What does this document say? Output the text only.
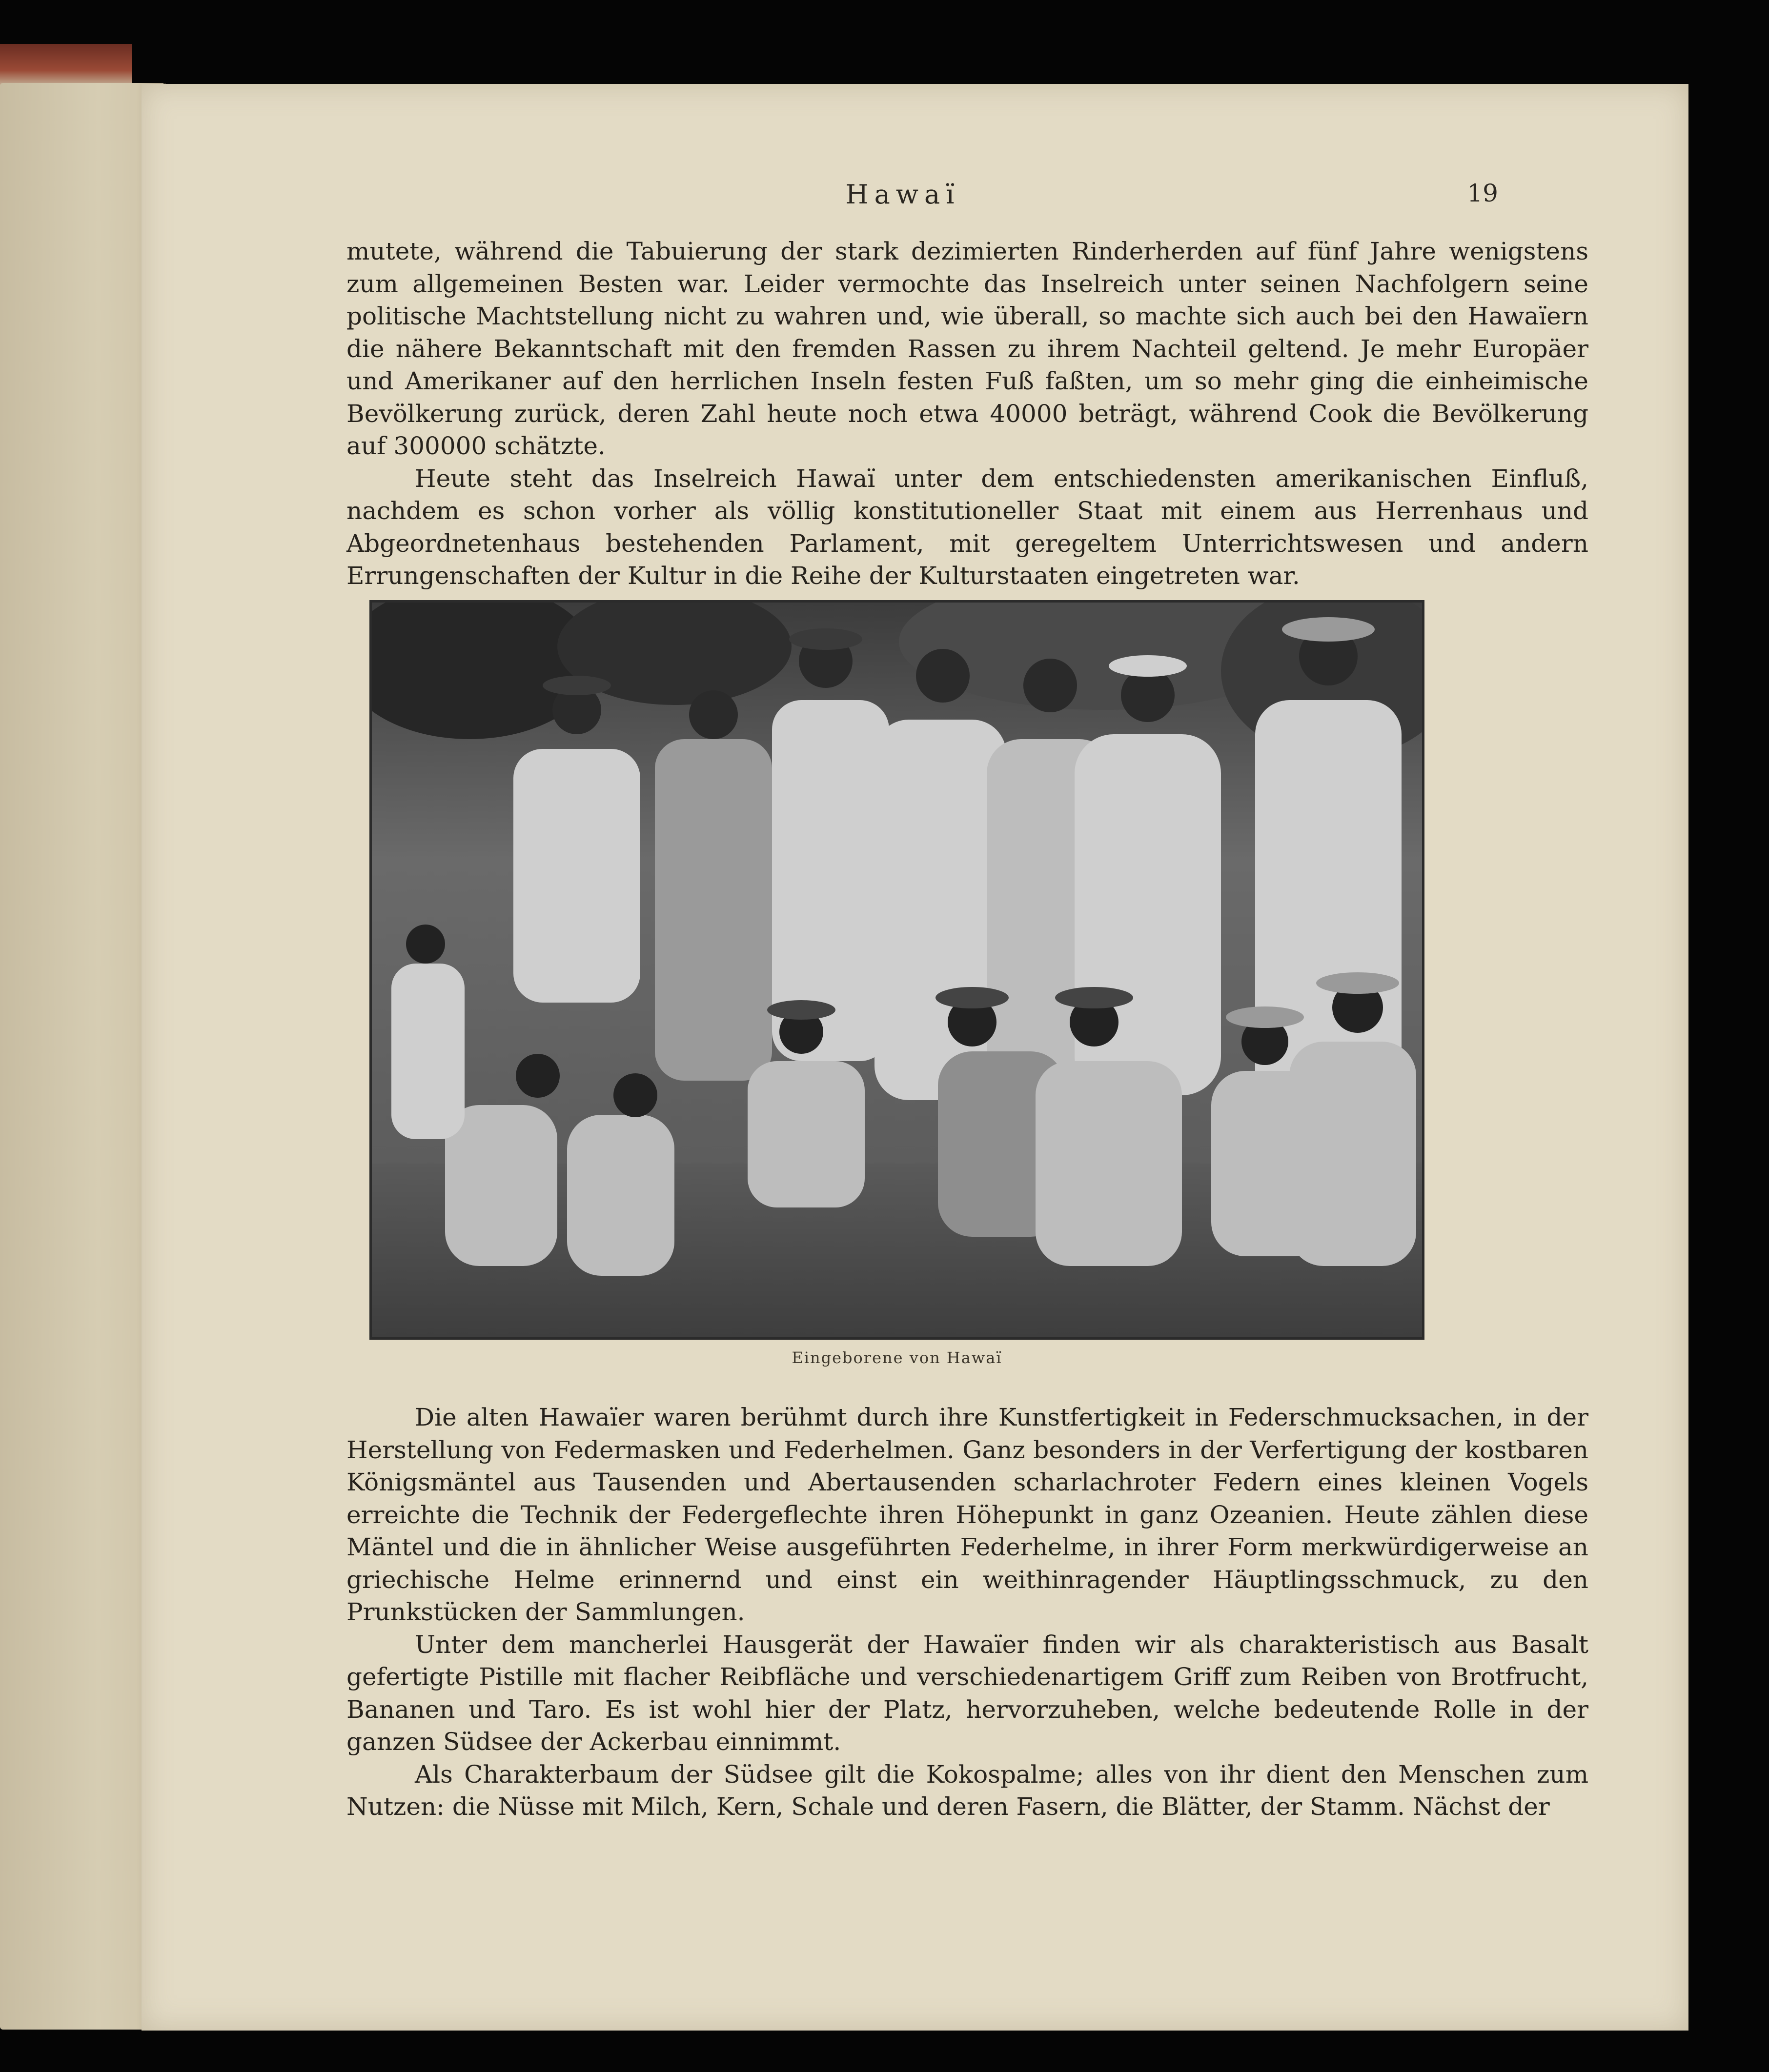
Hawaï	19

mutete, während die Tabuierung der stark dezimierten Rinderherden auf fünf Jahre wenigstens zum allgemeinen Besten war. Leider vermochte das Inselreich unter seinen Nachfolgern seine politische Machtstellung nicht zu wahren und, wie überall, so machte sich auch bei den Hawaïern die nähere Bekanntschaft mit den fremden Rassen zu ihrem Nachteil geltend. Je mehr Europäer und Amerikaner auf den herrlichen Inseln festen Fuß faßten, um so mehr ging die einheimische Bevölkerung zurück, deren Zahl heute noch etwa 40000 beträgt, während Cook die Bevölkerung auf 300000 schätzte.

Heute steht das Inselreich Hawaï unter dem entschiedensten amerikanischen Einfluß, nachdem es schon vorher als völlig konstitutioneller Staat mit einem aus Herrenhaus und Abgeordnetenhaus bestehenden Parlament, mit geregeltem Unterrichtswesen und andern Errungenschaften der Kultur in die Reihe der Kulturstaaten eingetreten war.

Eingeborene von Hawaï

Die alten Hawaïer waren berühmt durch ihre Kunstfertigkeit in Federschmucksachen, in der Herstellung von Federmasken und Federhelmen. Ganz besonders in der Verfertigung der kostbaren Königsmäntel aus Tausenden und Abertausenden scharlachroter Federn eines kleinen Vogels erreichte die Technik der Federgeflechte ihren Höhepunkt in ganz Ozeanien. Heute zählen diese Mäntel und die in ähnlicher Weise ausgeführten Federhelme, in ihrer Form merkwürdigerweise an griechische Helme erinnernd und einst ein weithinragender Häuptlingsschmuck, zu den Prunkstücken der Sammlungen.

Unter dem mancherlei Hausgerät der Hawaïer finden wir als charakteristisch aus Basalt gefertigte Pistille mit flacher Reibfläche und verschiedenartigem Griff zum Reiben von Brotfrucht, Bananen und Taro. Es ist wohl hier der Platz, hervorzuheben, welche bedeutende Rolle in der ganzen Südsee der Ackerbau einnimmt.

Als Charakterbaum der Südsee gilt die Kokospalme; alles von ihr dient den Menschen zum Nutzen: die Nüsse mit Milch, Kern, Schale und deren Fasern, die Blätter, der Stamm. Nächst der
